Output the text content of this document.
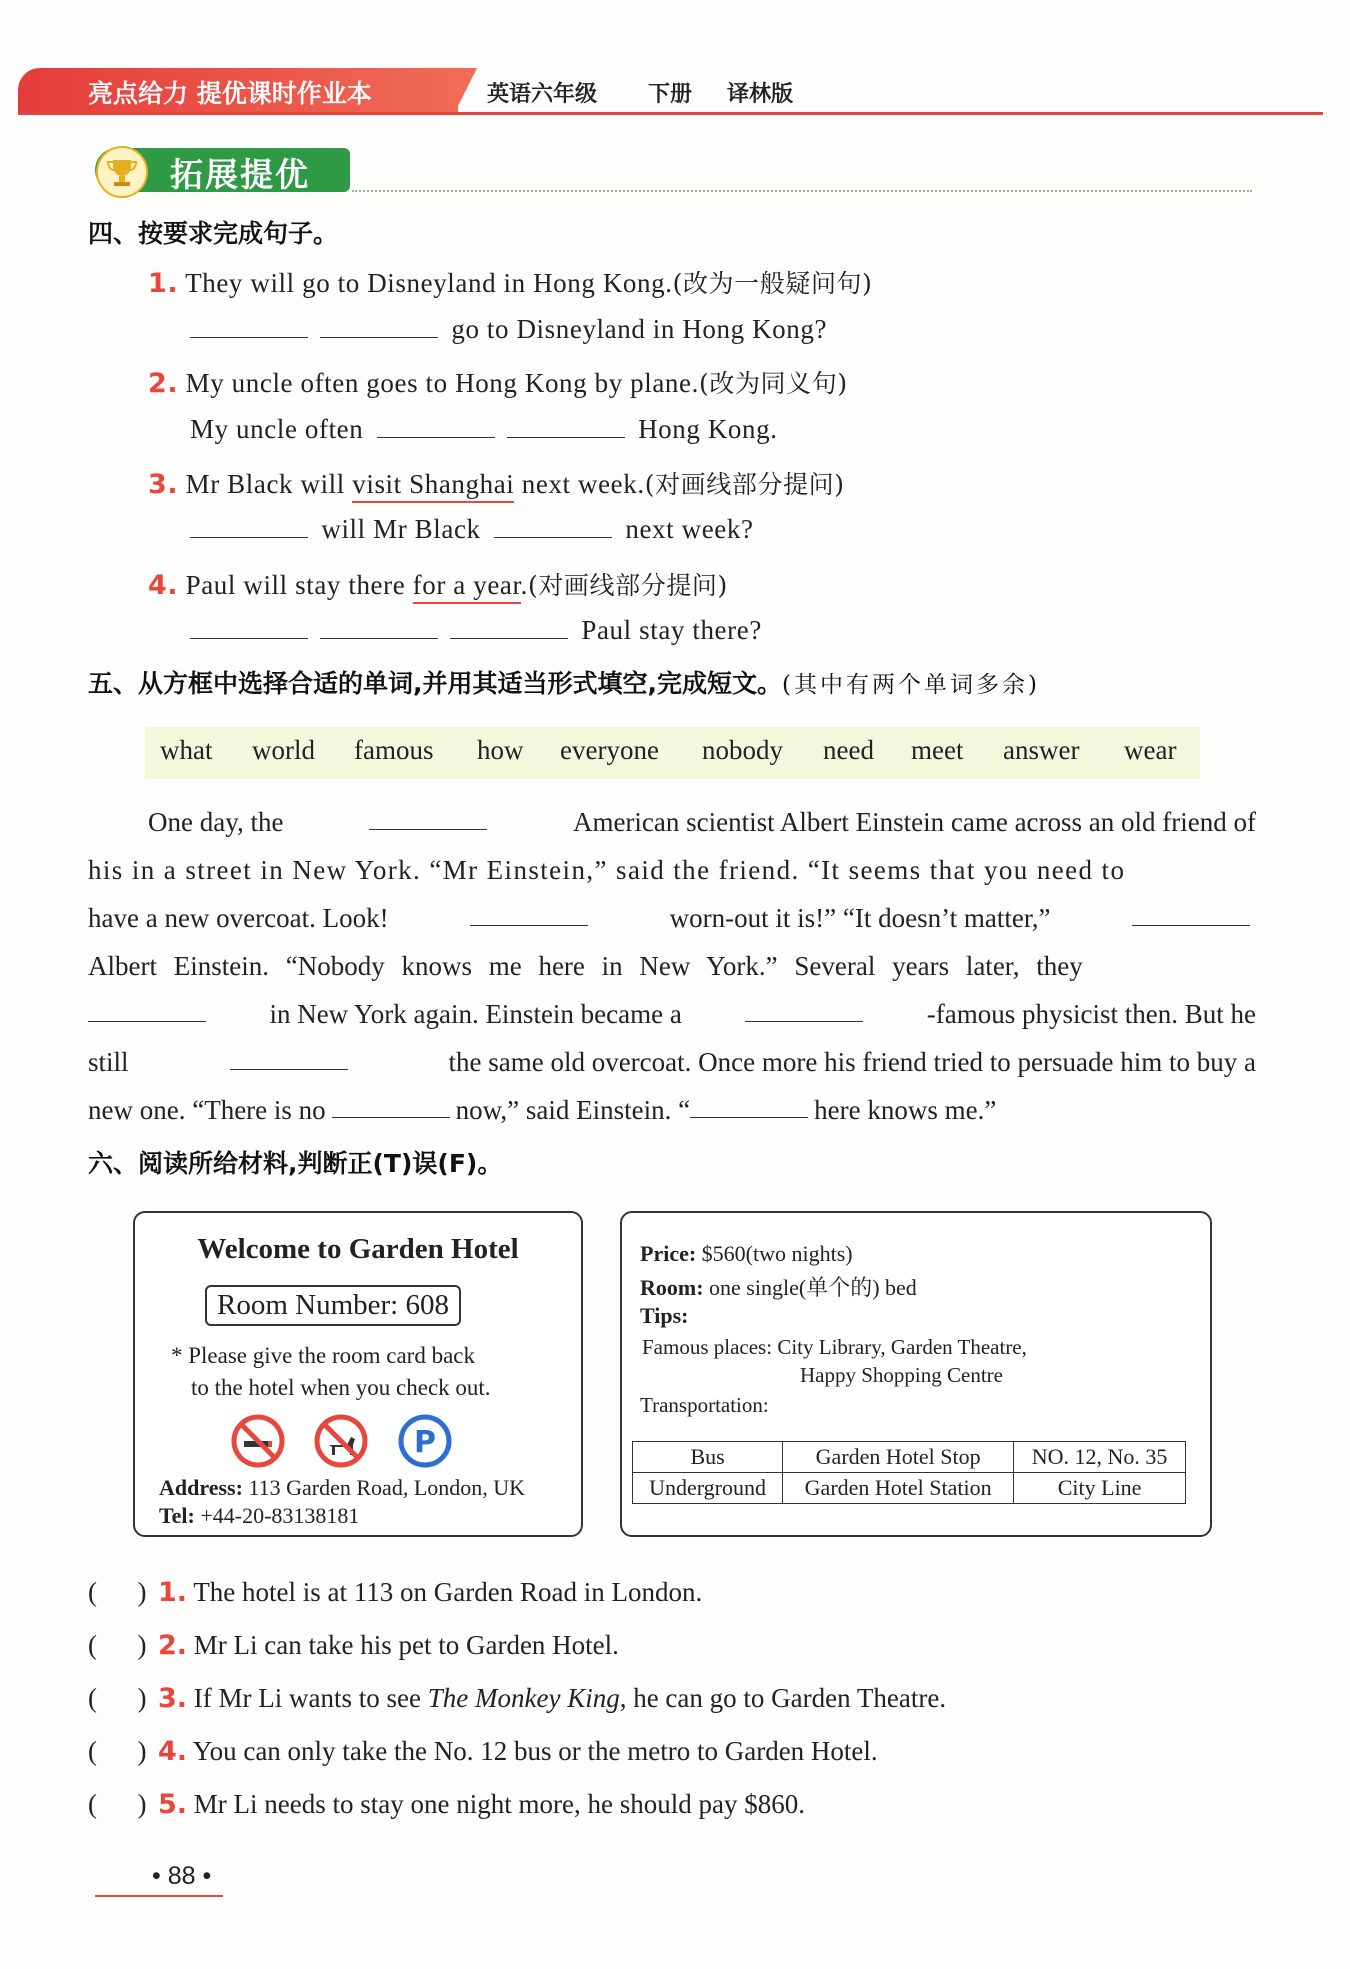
亮点给力 提优课时作业本	英语六年级 下册 译林版
拓展提优
四、按要求完成句子。
1. They will go to Disneyland in Hong Kong.(改为一般疑问句)
go to Disneyland in Hong Kong?
2. My uncle often goes to Hong Kong by plane.(改为同义句)
My uncle often	Hong Kong.
3. Mr Black will visit Shanghai next week.(对画线部分提问)
will Mr Black	next week?
4. Paul will stay there for a year.(对画线部分提问)
Paul stay there?
五、从方框中选择合适的单词,并用其适当形式填空,完成短文。(其中有两个单词多余)
what world famous how everyone nobody need meet answer wear
One day, the	American scientist Albert Einstein came across an old friend of
his in a street in New York. “Mr Einstein,” said the friend. “It seems that you need to
have a new overcoat. Look!	worn-out it is!” “It doesn’t matter,”
Albert Einstein. “Nobody knows me here in New York.” Several years later, they
in New York again. Einstein became a	-famous physicist then. But he
still	the same old overcoat. Once more his friend tried to persuade him to buy a
new one. “There is no	now,” said Einstein. “	here knows me.”
六、阅读所给材料,判断正(T)误(F)。
Welcome to Garden Hotel
Room Number: 608
* Please give the room card back
to the hotel when you check out.
P
Address: 113 Garden Road, London, UK
Tel: +44-20-83138181
Price: $560(two nights)
Room: one single(单个的) bed
Tips:
Famous places: City Library, Garden Theatre,
Happy Shopping Centre
Transportation:
Bus	Garden Hotel Stop	NO. 12, No. 35
Underground	Garden Hotel Station	City Line
(      ) 1. The hotel is at 113 on Garden Road in London.
(      ) 2. Mr Li can take his pet to Garden Hotel.
(      ) 3. If Mr Li wants to see The Monkey King, he can go to Garden Theatre.
(      ) 4. You can only take the No. 12 bus or the metro to Garden Hotel.
(      ) 5. Mr Li needs to stay one night more, he should pay $860.
• 88 •
